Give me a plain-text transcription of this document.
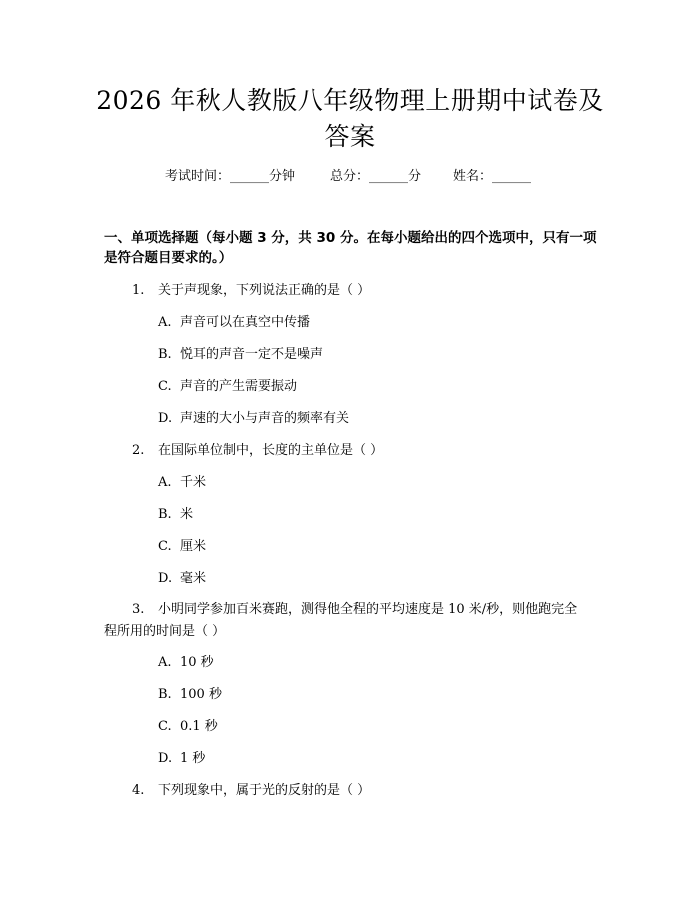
2026 年秋人教版八年级物理上册期中试卷及
答案
考试时间：______分钟	总分：______分 姓名：______
一、单项选择题（每小题 3 分，共 30 分。在每小题给出的四个选项中，只有一项
是符合题目要求的。）
1. 关于声现象，下列说法正确的是（ ）
A. 声音可以在真空中传播
B. 悦耳的声音一定不是噪声
C. 声音的产生需要振动
D. 声速的大小与声音的频率有关
2. 在国际单位制中，长度的主单位是（ ）
A. 千米
B. 米
C. 厘米
D. 毫米
3. 小明同学参加百米赛跑，测得他全程的平均速度是 10 米/秒，则他跑完全
程所用的时间是（ ）
A. 10 秒
B. 100 秒
C. 0.1 秒
D. 1 秒
4. 下列现象中，属于光的反射的是（ ）
